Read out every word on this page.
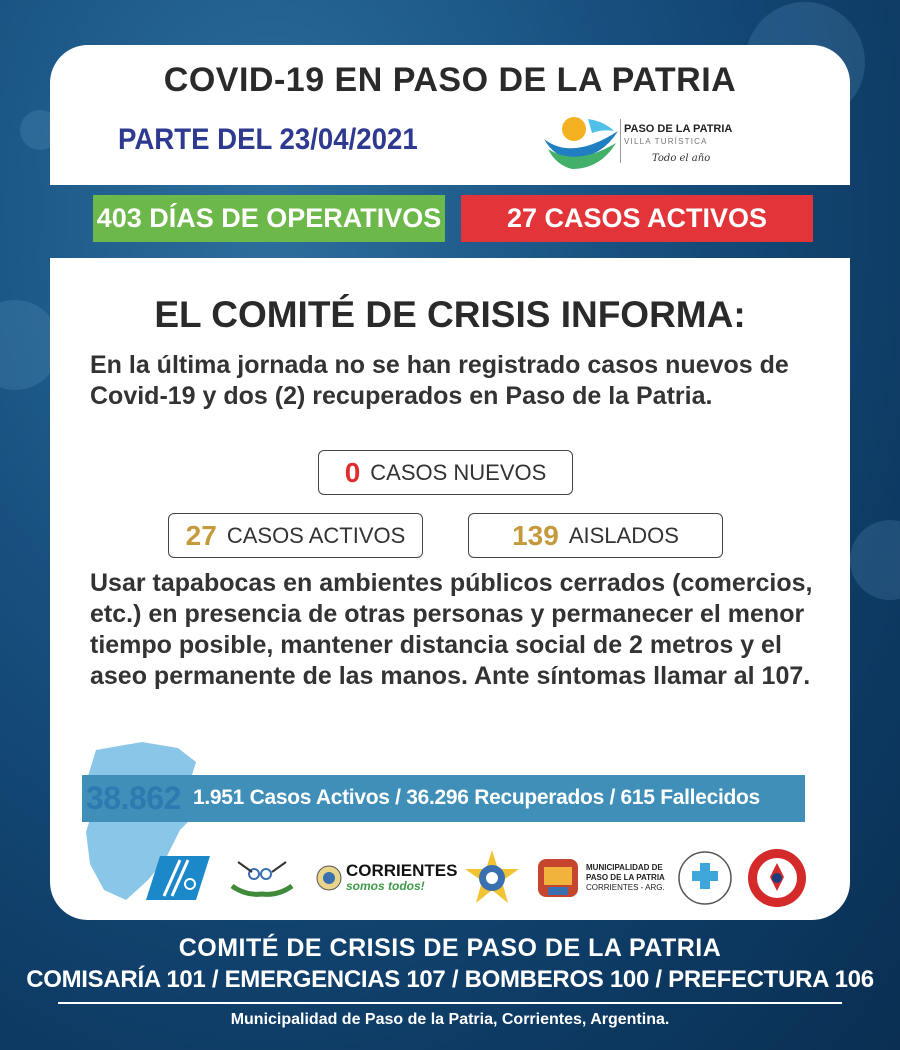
COVID-19 EN PASO DE LA PATRIA
PARTE DEL 23/04/2021	PASO DE LA PATRIA
VILLA TURÍSTICA
Todo el año
403 DÍAS DE OPERATIVOS	27 CASOS ACTIVOS
EL COMITÉ DE CRISIS INFORMA:
En la última jornada no se han registrado casos nuevos de Covid-19 y dos (2) recuperados en Paso de la Patria.
0 CASOS NUEVOS
27 CASOS ACTIVOS	139 AISLADOS
Usar tapabocas en ambientes públicos cerrados (comercios, etc.) en presencia de otras personas y permanecer el menor tiempo posible, mantener distancia social de 2 metros y el aseo permanente de las manos. Ante síntomas llamar al 107.
38.862 1.951 Casos Activos / 36.296 Recuperados / 615 Fallecidos
CORRIENTES
somos todos!
MUNICIPALIDAD DE
PASO DE LA PATRIA
CORRIENTES - ARG.
COMITÉ DE CRISIS DE PASO DE LA PATRIA
COMISARÍA 101 / EMERGENCIAS 107 / BOMBEROS 100 / PREFECTURA 106
Municipalidad de Paso de la Patria, Corrientes, Argentina.
